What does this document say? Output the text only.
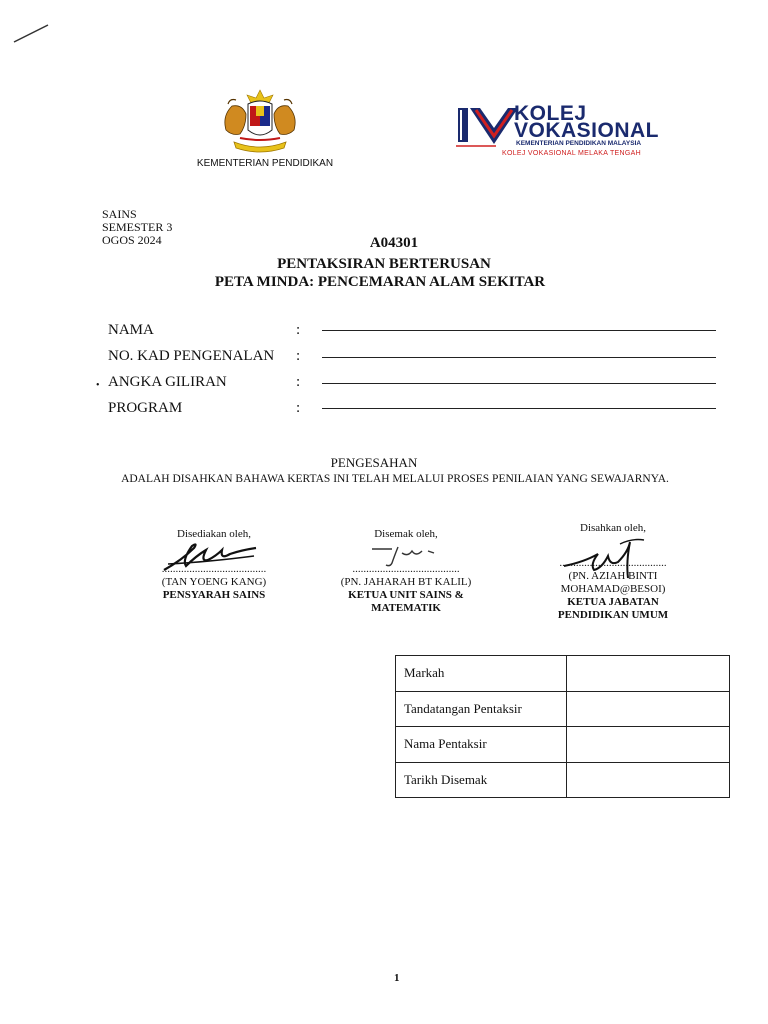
KEMENTERIAN PENDIDIKAN
KOLEJ
VOKASIONAL
KEMENTERIAN PENDIDIKAN MALAYSIA
KOLEJ VOKASIONAL MELAKA TENGAH
SAINS
SEMESTER 3
OGOS 2024	A04301
PENTAKSIRAN BERTERUSAN
PETA MINDA: PENCEMARAN ALAM SEKITAR
NAMA	:
NO. KAD PENGENALAN :
• ANGKA GILIRAN	:
PROGRAM	:
PENGESAHAN
ADALAH DISAHKAN BAHAWA KERTAS INI TELAH MELALUI PROSES PENILAIAN YANG SEWAJARNYA.
Disediakan oleh,
......................................
(TAN YOENG KANG)
PENSYARAH SAINS
Disemak oleh,
.......................................
(PN. JAHARAH BT KALIL)
KETUA UNIT SAINS & MATEMATIK
Disahkan oleh,
.......................................
(PN. AZIAH BINTI MOHAMAD@BESOI)
KETUA JABATAN PENDIDIKAN UMUM
Markah	
Tandatangan Pentaksir	
Nama Pentaksir	
Tarikh Disemak	
1
